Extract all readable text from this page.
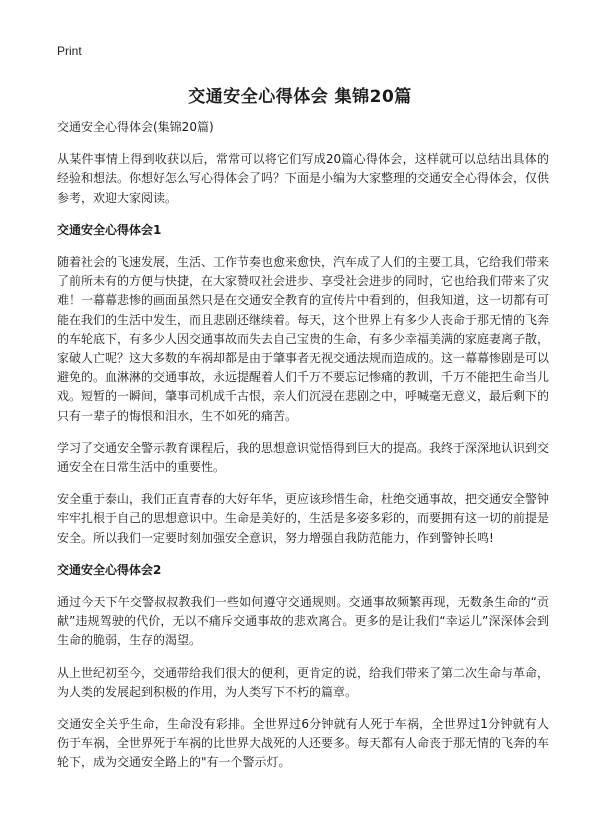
Print
交通安全心得体会 集锦20篇

交通安全心得体会(集锦20篇)

从某件事情上得到收获以后，常常可以将它们写成20篇心得体会，这样就可以总结出具体的经验和想法。你想好怎么写心得体会了吗？下面是小编为大家整理的交通安全心得体会，仅供参考，欢迎大家阅读。

交通安全心得体会1

随着社会的飞速发展，生活、工作节奏也愈来愈快，汽车成了人们的主要工具，它给我们带来了前所未有的方便与快捷，在大家赞叹社会进步、享受社会进步的同时，它也给我们带来了灾难！一幕幕悲惨的画面虽然只是在交通安全教育的宣传片中看到的，但我知道，这一切都有可能在我们的生活中发生，而且悲剧还继续着。每天，这个世界上有多少人丧命于那无情的飞奔的车轮底下，有多少人因交通事故而失去自己宝贵的生命，有多少幸福美满的家庭妻离子散，家破人亡呢？这大多数的车祸却都是由于肇事者无视交通法规而造成的。这一幕幕惨剧是可以避免的。血淋淋的交通事故，永远提醒着人们千万不要忘记惨痛的教训，千万不能把生命当儿戏。短暂的一瞬间，肇事司机成千古恨，亲人们沉浸在悲剧之中，呼喊毫无意义，最后剩下的只有一辈子的悔恨和泪水，生不如死的痛苦。

学习了交通安全警示教育课程后，我的思想意识觉悟得到巨大的提高。我终于深深地认识到交通安全在日常生活中的重要性。

安全重于泰山，我们正直青春的大好年华，更应该珍惜生命，杜绝交通事故，把交通安全警钟牢牢扎根于自己的思想意识中。生命是美好的，生活是多姿多彩的，而要拥有这一切的前提是安全。所以我们一定要时刻加强安全意识，努力增强自我防范能力，作到警钟长鸣!

交通安全心得体会2

通过今天下午交警叔叔教我们一些如何遵守交通规则。交通事故频繁再现，无数条生命的“贡献”违规驾驶的代价，无以不痛斥交通事故的悲欢离合。更多的是让我们“幸运儿”深深体会到生命的脆弱，生存的渴望。

从上世纪初至今，交通带给我们很大的便利，更肯定的说，给我们带来了第二次生命与革命，为人类的发展起到积极的作用，为人类写下不朽的篇章。

交通安全关乎生命，生命没有彩排。全世界过6分钟就有人死于车祸，全世界过1分钟就有人伤于车祸，全世界死于车祸的比世界大战死的人还要多。每天都有人命丧于那无情的飞奔的车轮下，成为交通安全路上的"有一个警示灯。
